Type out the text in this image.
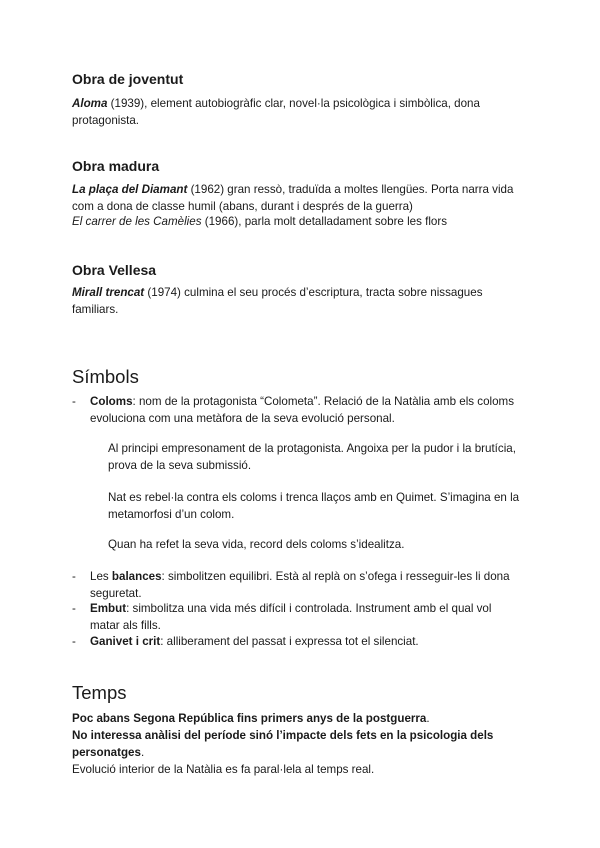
Obra de joventut

Aloma (1939), element autobiogràfic clar, novel·la psicològica i simbòlica, dona protagonista.

Obra madura

La plaça del Diamant (1962) gran ressò, traduïda a moltes llengües. Porta narra vida com a dona de classe humil (abans, durant i després de la guerra)

El carrer de les Camèlies (1966), parla molt detalladament sobre les flors

Obra Vellesa

Mirall trencat (1974) culmina el seu procés d’escriptura, tracta sobre nissagues familiars.

Símbols
- Coloms: nom de la protagonista “Colometa”. Relació de la Natàlia amb els coloms evoluciona com una metàfora de la seva evolució personal.

Al principi empresonament de la protagonista. Angoixa per la pudor i la brutícia, prova de la seva submissió.

Nat es rebel·la contra els coloms i trenca llaços amb en Quimet. S’imagina en la metamorfosi d’un colom.

Quan ha refet la seva vida, record dels coloms s’idealitza.

- Les balances: simbolitzen equilibri. Està al replà on s’ofega i resseguir-les li dona seguretat.
- Embut: simbolitza una vida més difícil i controlada. Instrument amb el qual vol matar als fills.
- Ganivet i crit: alliberament del passat i expressa tot el silenciat.
Temps

Poc abans Segona República fins primers anys de la postguerra.

No interessa anàlisi del període sinó l’impacte dels fets en la psicologia dels personatges.

Evolució interior de la Natàlia es fa paral·lela al temps real.
